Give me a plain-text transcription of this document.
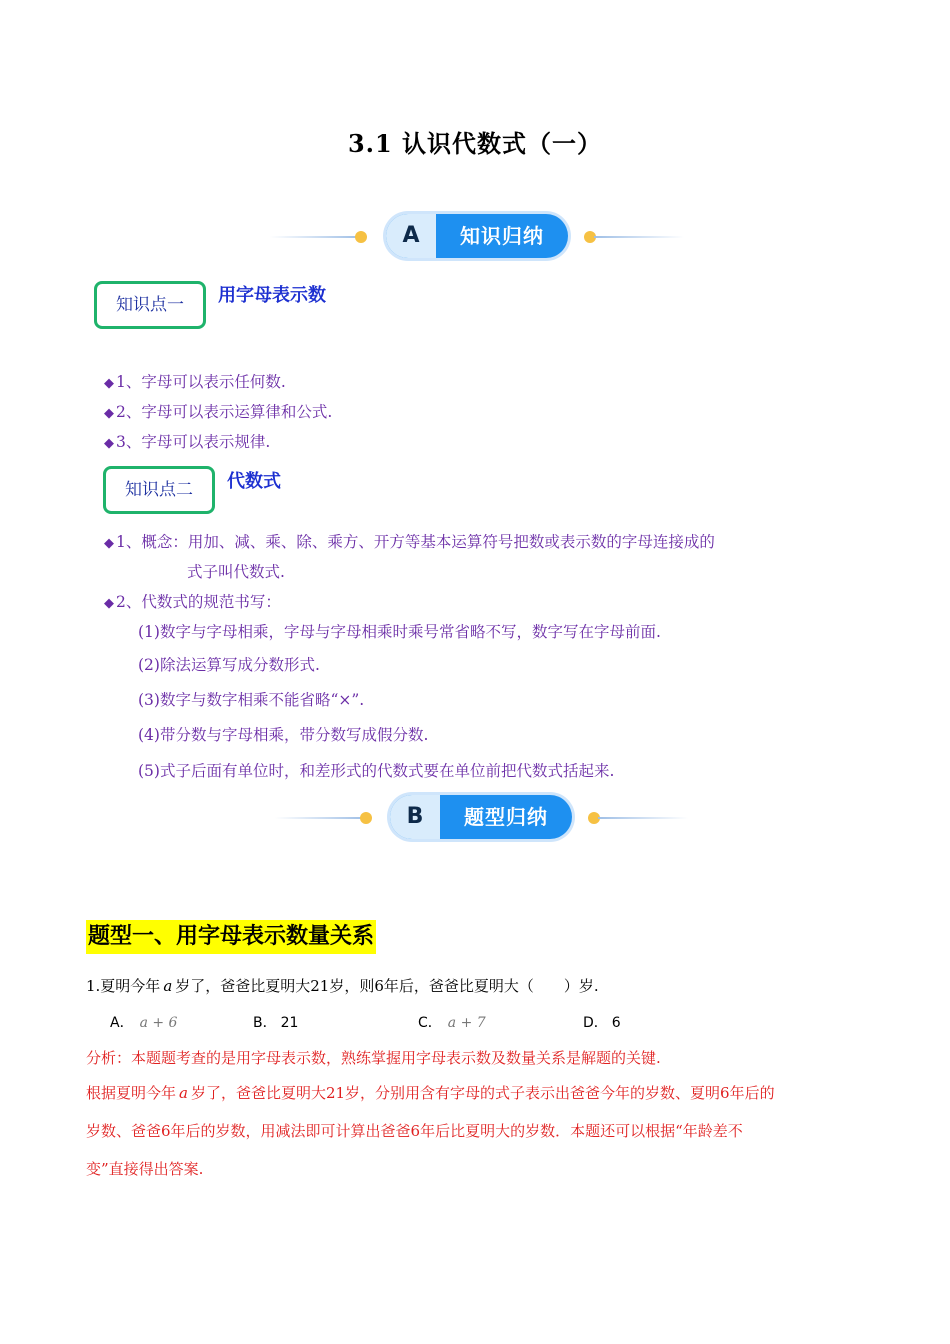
3.1 认识代数式（一）
A	知识归纳
知识点一	用字母表示数
◆ 1、字母可以表示任何数.
◆ 2、字母可以表示运算律和公式.
◆ 3、字母可以表示规律.
知识点二	代数式
◆ 1、概念：用加、减、乘、除、乘方、开方等基本运算符号把数或表示数的字母连接成的
式子叫代数式.
◆ 2、代数式的规范书写：
(1)数字与字母相乘，字母与字母相乘时乘号常省略不写，数字写在字母前面.
(2)除法运算写成分数形式.
(3)数字与数字相乘不能省略“×”.
(4)带分数与字母相乘，带分数写成假分数.
(5)式子后面有单位时，和差形式的代数式要在单位前把代数式括起来.
B	题型归纳
题型一、用字母表示数量关系
1.夏明今年 a 岁了，爸爸比夏明大21岁，则6年后，爸爸比夏明大（　　）岁.
A． a + 6	B． 21	C． a + 7	D． 6
分析：本题题考查的是用字母表示数，熟练掌握用字母表示数及数量关系是解题的关键.
根据夏明今年 a 岁了，爸爸比夏明大21岁，分别用含有字母的式子表示出爸爸今年的岁数、夏明6年后的
岁数、爸爸6年后的岁数，用减法即可计算出爸爸6年后比夏明大的岁数．本题还可以根据“年龄差不
变”直接得出答案.
